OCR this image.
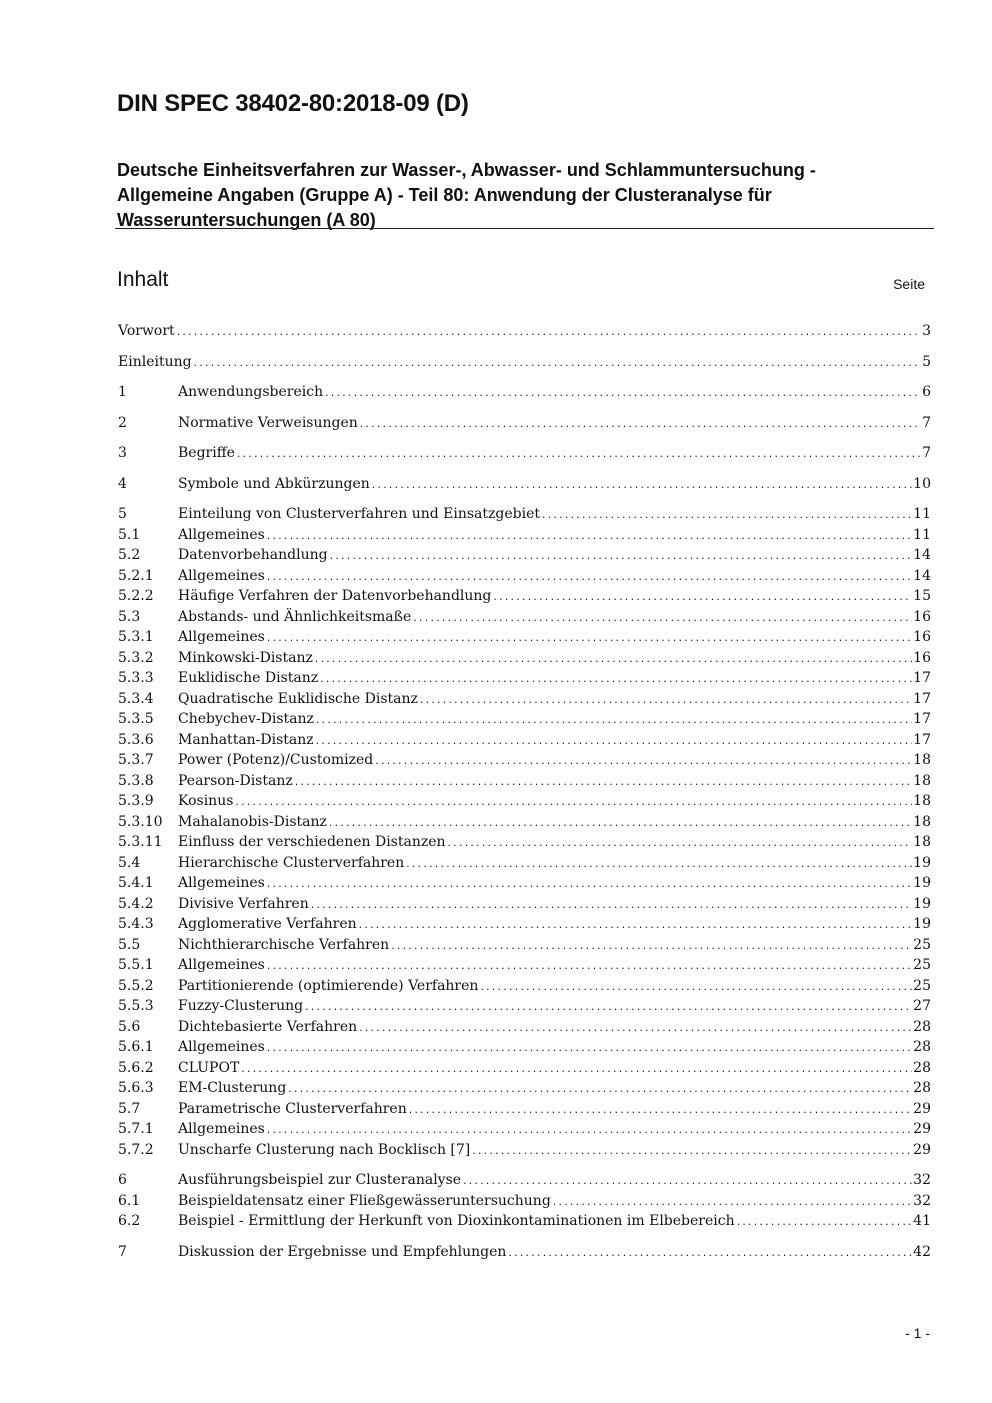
DIN SPEC 38402-80:2018-09 (D)
Deutsche Einheitsverfahren zur Wasser-, Abwasser- und Schlammuntersuchung -
Allgemeine Angaben (Gruppe A) - Teil 80: Anwendung der Clusteranalyse für
Wasseruntersuchungen (A 80)
Inhalt	Seite
Vorwort .....	3
Einleitung .....	5
1	Anwendungsbereich .....	6
2	Normative Verweisungen .....	7
3	Begriffe .....	7
4	Symbole und Abkürzungen .....	10
5	Einteilung von Clusterverfahren und Einsatzgebiet .....	11
5.1	Allgemeines .....	11
5.2	Datenvorbehandlung .....	14
5.2.1	Allgemeines .....	14
5.2.2	Häufige Verfahren der Datenvorbehandlung .....	15
5.3	Abstands- und Ähnlichkeitsmaße .....	16
5.3.1	Allgemeines .....	16
5.3.2	Minkowski-Distanz .....	16
5.3.3	Euklidische Distanz .....	17
5.3.4	Quadratische Euklidische Distanz .....	17
5.3.5	Chebychev-Distanz .....	17
5.3.6	Manhattan-Distanz .....	17
5.3.7	Power (Potenz)/Customized .....	18
5.3.8	Pearson-Distanz .....	18
5.3.9	Kosinus .....	18
5.3.10	Mahalanobis-Distanz .....	18
5.3.11	Einfluss der verschiedenen Distanzen .....	18
5.4	Hierarchische Clusterverfahren .....	19
5.4.1	Allgemeines .....	19
5.4.2	Divisive Verfahren .....	19
5.4.3	Agglomerative Verfahren .....	19
5.5	Nichthierarchische Verfahren .....	25
5.5.1	Allgemeines .....	25
5.5.2	Partitionierende (optimierende) Verfahren .....	25
5.5.3	Fuzzy-Clusterung .....	27
5.6	Dichtebasierte Verfahren .....	28
5.6.1	Allgemeines .....	28
5.6.2	CLUPOT .....	28
5.6.3	EM-Clusterung .....	28
5.7	Parametrische Clusterverfahren .....	29
5.7.1	Allgemeines .....	29
5.7.2	Unscharfe Clusterung nach Bocklisch [7] .....	29
6	Ausführungsbeispiel zur Clusteranalyse .....	32
6.1	Beispieldatensatz einer Fließgewässeruntersuchung .....	32
6.2	Beispiel - Ermittlung der Herkunft von Dioxinkontaminationen im Elbebereich .....	41
7	Diskussion der Ergebnisse und Empfehlungen .....	42
- 1 -
